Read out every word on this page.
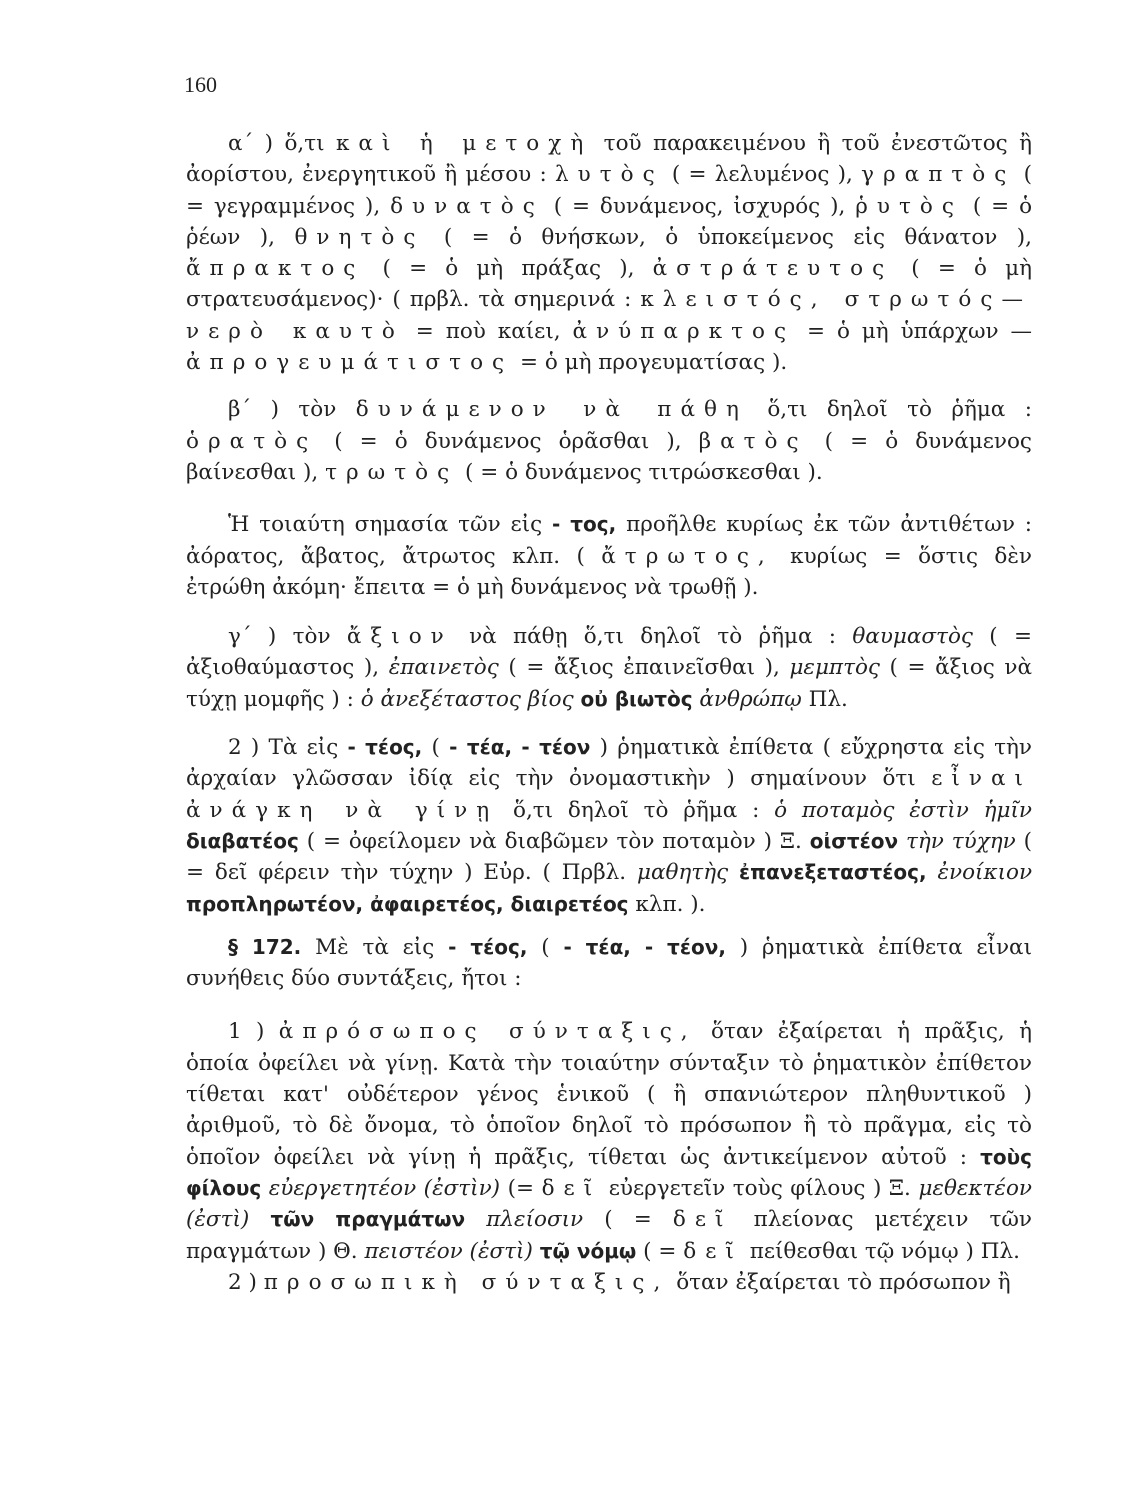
160

α΄ ) ὅ,τι καὶ ἡ μετοχὴ τοῦ παρακειμένου ἢ τοῦ ἐνεστῶτος ἢ ἀορίστου, ἐνεργητικοῦ ἢ μέσου : λυτὸς ( = λελυμένος ), γραπτὸς ( = γεγραμμένος ), δυνατὸς ( = δυνάμενος, ἰσχυρός ), ῥυτὸς ( = ὁ ῥέων ), θνητὸς ( = ὁ θνήσκων, ὁ ὑποκείμενος εἰς θάνατον ), ἄπρακτος ( = ὁ μὴ πράξας ), ἀστράτευτος ( = ὁ μὴ στρατευσάμενος)· ( πρβλ. τὰ σημερινά : κλειστός, στρωτός—νερὸ καυτὸ = ποὺ καίει, ἀνύπαρκτος = ὁ μὴ ὑπάρχων — ἀπρογευμάτιστος = ὁ μὴ προγευματίσας ).

β΄ ) τὸν δυνάμενον νὰ πάθη ὅ,τι δηλοῖ τὸ ῥῆμα : ὁρατὸς ( = ὁ δυνάμενος ὁρᾶσθαι ), βατὸς ( = ὁ δυνάμενος βαίνεσθαι ), τρωτὸς ( = ὁ δυνάμενος τιτρώσκεσθαι ).

Ἡ τοιαύτη σημασία τῶν εἰς - τος, προῆλθε κυρίως ἐκ τῶν ἀντιθέτων : ἀόρατος, ἄβατος, ἄτρωτος κλπ. ( ἄτρωτος, κυρίως = ὅστις δὲν ἐτρώθη ἀκόμη· ἔπειτα = ὁ μὴ δυνάμενος νὰ τρωθῇ ).

γ΄ ) τὸν ἄξιον νὰ πάθῃ ὅ,τι δηλοῖ τὸ ῥῆμα : θαυμαστὸς ( = ἀξιοθαύμαστος ), ἐπαινετὸς ( = ἄξιος ἐπαινεῖσθαι ), μεμπτὸς ( = ἄξιος νὰ τύχῃ μομφῆς ) : ὁ ἀνεξέταστος βίος οὐ βιωτὸς ἀνθρώπῳ Πλ.

2 ) Τὰ εἰς - τέος, ( - τέα, - τέον ) ῥηματικὰ ἐπίθετα ( εὔχρηστα εἰς τὴν ἀρχαίαν γλῶσσαν ἰδίᾳ εἰς τὴν ὀνομαστικὴν ) σημαίνουν ὅτι εἶναι ἀνάγκη νὰ γίνῃ ὅ,τι δηλοῖ τὸ ῥῆμα : ὁ ποταμὸς ἐστὶν ἡμῖν διαβατέος ( = ὀφείλομεν νὰ διαβῶμεν τὸν ποταμὸν ) Ξ. οἰστέον τὴν τύχην ( = δεῖ φέρειν τὴν τύχην ) Εὐρ. ( Πρβλ. μαθητὴς ἐπανεξεταστέος, ἐνοίκιον προπληρωτέον, ἀφαιρετέος, διαιρετέος κλπ. ).

§ 172. Μὲ τὰ εἰς - τέος, ( - τέα, - τέον, ) ῥηματικὰ ἐπίθετα εἶναι συνήθεις δύο συντάξεις, ἤτοι :

1 ) ἀπρόσωπος σύνταξις, ὅταν ἐξαίρεται ἡ πρᾶξις, ἡ ὁποία ὀφείλει νὰ γίνῃ. Κατὰ τὴν τοιαύτην σύνταξιν τὸ ῥηματικὸν ἐπίθετον τίθεται κατ' οὐδέτερον γένος ἑνικοῦ ( ἢ σπανιώτερον πληθυντικοῦ ) ἀριθμοῦ, τὸ δὲ ὄνομα, τὸ ὁποῖον δηλοῖ τὸ πρόσωπον ἢ τὸ πρᾶγμα, εἰς τὸ ὁποῖον ὀφείλει νὰ γίνῃ ἡ πρᾶξις, τίθεται ὡς ἀντικείμενον αὐτοῦ : τοὺς φίλους εὐεργετητέον (ἐστὶν) (= δεῖ εὐεργετεῖν τοὺς φίλους ) Ξ. μεθεκτέον (ἐστὶ) τῶν πραγμάτων πλείοσιν ( = δεῖ πλείονας μετέχειν τῶν πραγμάτων ) Θ. πειστέον (ἐστὶ) τῷ νόμῳ ( = δεῖ πείθεσθαι τῷ νόμῳ ) Πλ.

2 ) προσωπικὴ σύνταξις, ὅταν ἐξαίρεται τὸ πρόσωπον ἢ
